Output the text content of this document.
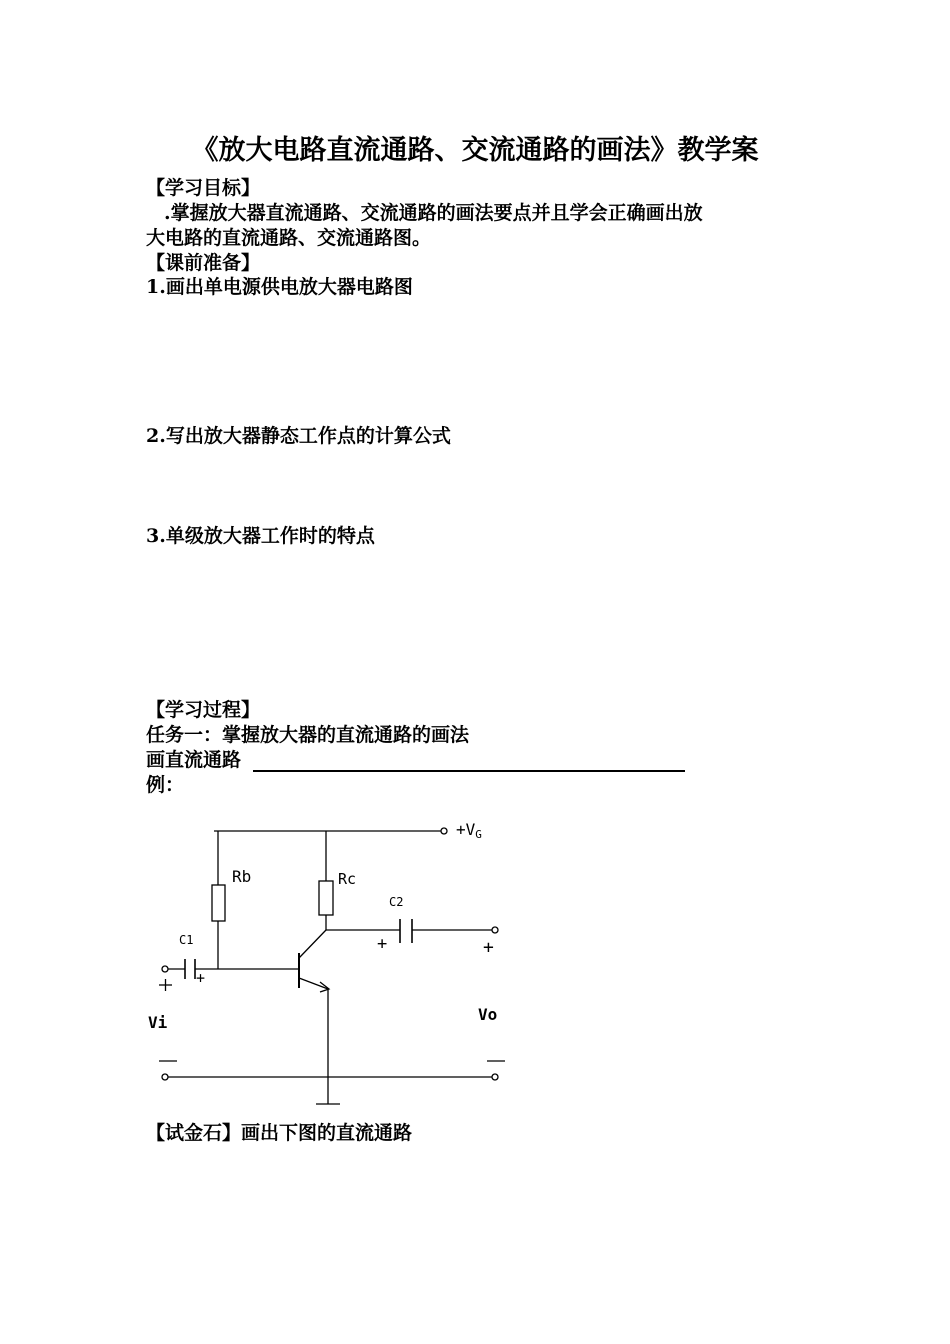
《放大电路直流通路、交流通路的画法》教学案
【学习目标】
.掌握放大器直流通路、交流通路的画法要点并且学会正确画出放
大电路的直流通路、交流通路图。
【课前准备】
1.画出单电源供电放大器电路图
2.写出放大器静态工作点的计算公式
3.单级放大器工作时的特点
【学习过程】
任务一：掌握放大器的直流通路的画法
画直流通路
例：
+VG
Rb	Rc
C2
C1
+
+	+
Vi	Vo
【试金石】画出下图的直流通路
